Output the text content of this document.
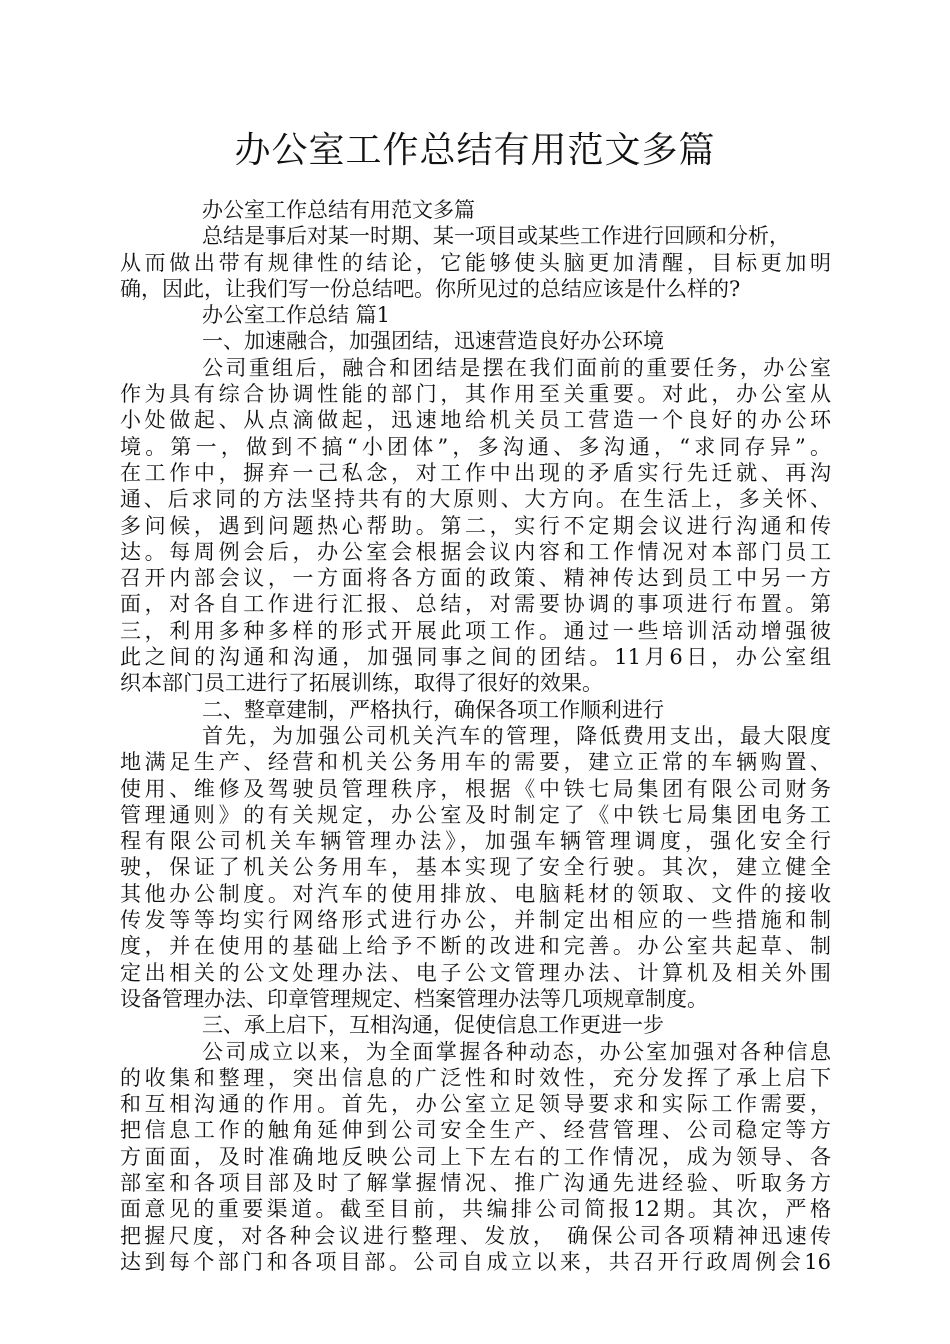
办公室工作总结有用范文多篇
办公室工作总结有用范文多篇
总结是事后对某一时期、某一项目或某些工作进行回顾和分析，
从而做出带有规律性的结论，它能够使头脑更加清醒，目标更加明
确，因此，让我们写一份总结吧。你所见过的总结应该是什么样的?
办公室工作总结 篇1
一、加速融合，加强团结，迅速营造良好办公环境
公司重组后，融合和团结是摆在我们面前的重要任务，办公室
作为具有综合协调性能的部门，其作用至关重要。对此，办公室从
小处做起、从点滴做起，迅速地给机关员工营造一个良好的办公环
境。第一，做到不搞“小团体”，多沟通、多沟通，“求同存异”。
在工作中，摒弃一己私念，对工作中出现的矛盾实行先迁就、再沟
通、后求同的方法坚持共有的大原则、大方向。在生活上，多关怀、
多问候，遇到问题热心帮助。第二，实行不定期会议进行沟通和传
达。每周例会后，办公室会根据会议内容和工作情况对本部门员工
召开内部会议，一方面将各方面的政策、精神传达到员工中另一方
面，对各自工作进行汇报、总结，对需要协调的事项进行布置。第
三，利用多种多样的形式开展此项工作。通过一些培训活动增强彼
此之间的沟通和沟通，加强同事之间的团结。11月6日，办公室组
织本部门员工进行了拓展训练，取得了很好的效果。
二、整章建制，严格执行，确保各项工作顺利进行
首先，为加强公司机关汽车的管理，降低费用支出，最大限度
地满足生产、经营和机关公务用车的需要，建立正常的车辆购置、
使用、维修及驾驶员管理秩序，根据《中铁七局集团有限公司财务
管理通则》的有关规定，办公室及时制定了《中铁七局集团电务工
程有限公司机关车辆管理办法》，加强车辆管理调度，强化安全行
驶，保证了机关公务用车，基本实现了安全行驶。其次，建立健全
其他办公制度。对汽车的使用排放、电脑耗材的领取、文件的接收
传发等等均实行网络形式进行办公，并制定出相应的一些措施和制
度，并在使用的基础上给予不断的改进和完善。办公室共起草、制
定出相关的公文处理办法、电子公文管理办法、计算机及相关外围
设备管理办法、印章管理规定、档案管理办法等几项规章制度。
三、承上启下，互相沟通，促使信息工作更进一步
公司成立以来，为全面掌握各种动态，办公室加强对各种信息
的收集和整理，突出信息的广泛性和时效性，充分发挥了承上启下
和互相沟通的作用。首先，办公室立足领导要求和实际工作需要，
把信息工作的触角延伸到公司安全生产、经营管理、公司稳定等方
方面面，及时准确地反映公司上下左右的工作情况，成为领导、各
部室和各项目部及时了解掌握情况、推广沟通先进经验、听取务方
面意见的重要渠道。截至目前，共编排公司简报12期。其次，严格
把握尺度，对各种会议进行整理、发放， 确保公司各项精神迅速传
达到每个部门和各项目部。公司自成立以来，共召开行政周例会16
